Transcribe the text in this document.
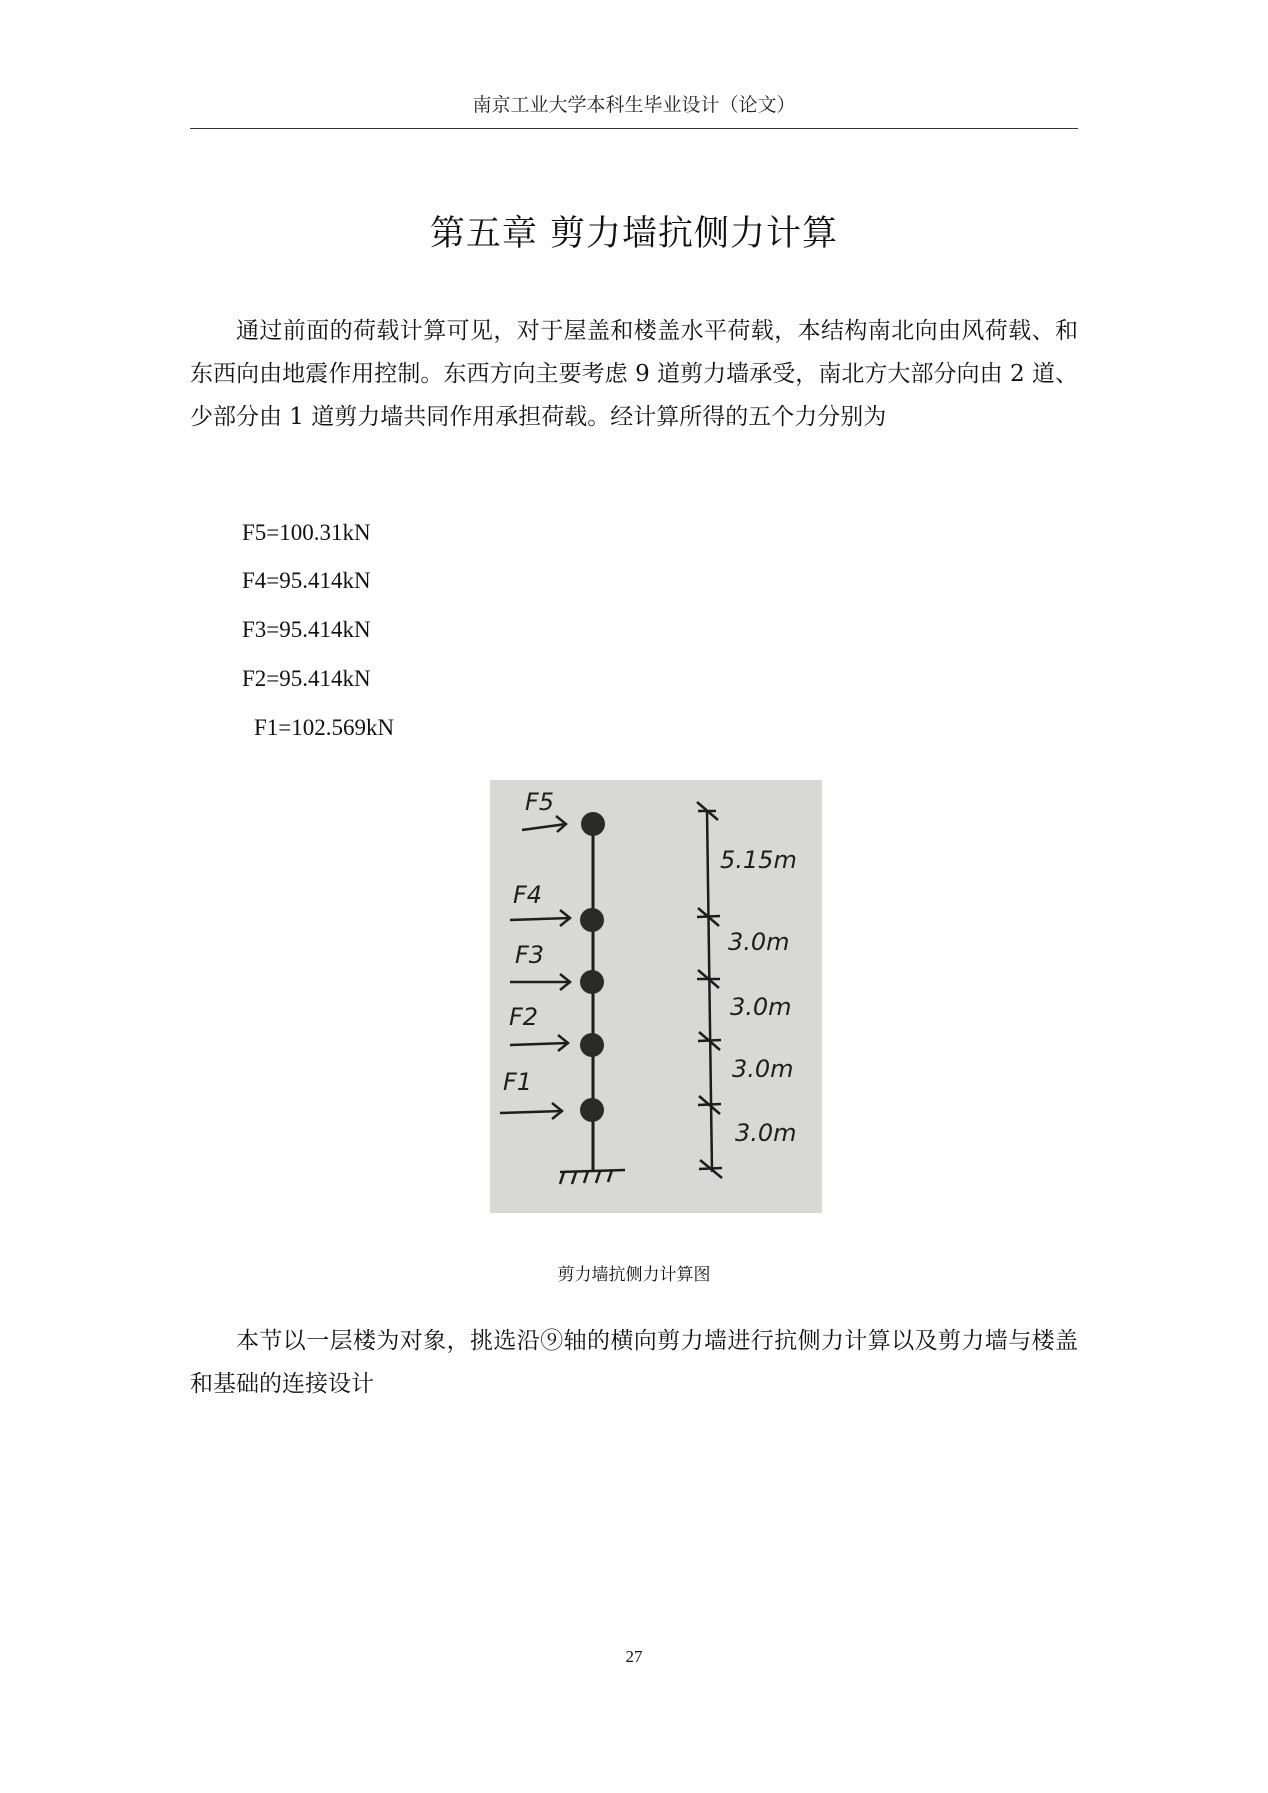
南京工业大学本科生毕业设计（论文）
第五章 剪力墙抗侧力计算
通过前面的荷载计算可见，对于屋盖和楼盖水平荷载，本结构南北向由风荷载、和东西向由地震作用控制。东西方向主要考虑 9 道剪力墙承受，南北方大部分向由 2 道、少部分由 1 道剪力墙共同作用承担荷载。经计算所得的五个力分别为
F5=100.31kN
F4=95.414kN
F3=95.414kN
F2=95.414kN
F1=102.569kN
F5
F4
F3
F2
F1
5.15m
3.0m
3.0m
3.0m
3.0m
剪力墙抗侧力计算图
本节以一层楼为对象，挑选沿⑨轴的横向剪力墙进行抗侧力计算以及剪力墙与楼盖和基础的连接设计
27
